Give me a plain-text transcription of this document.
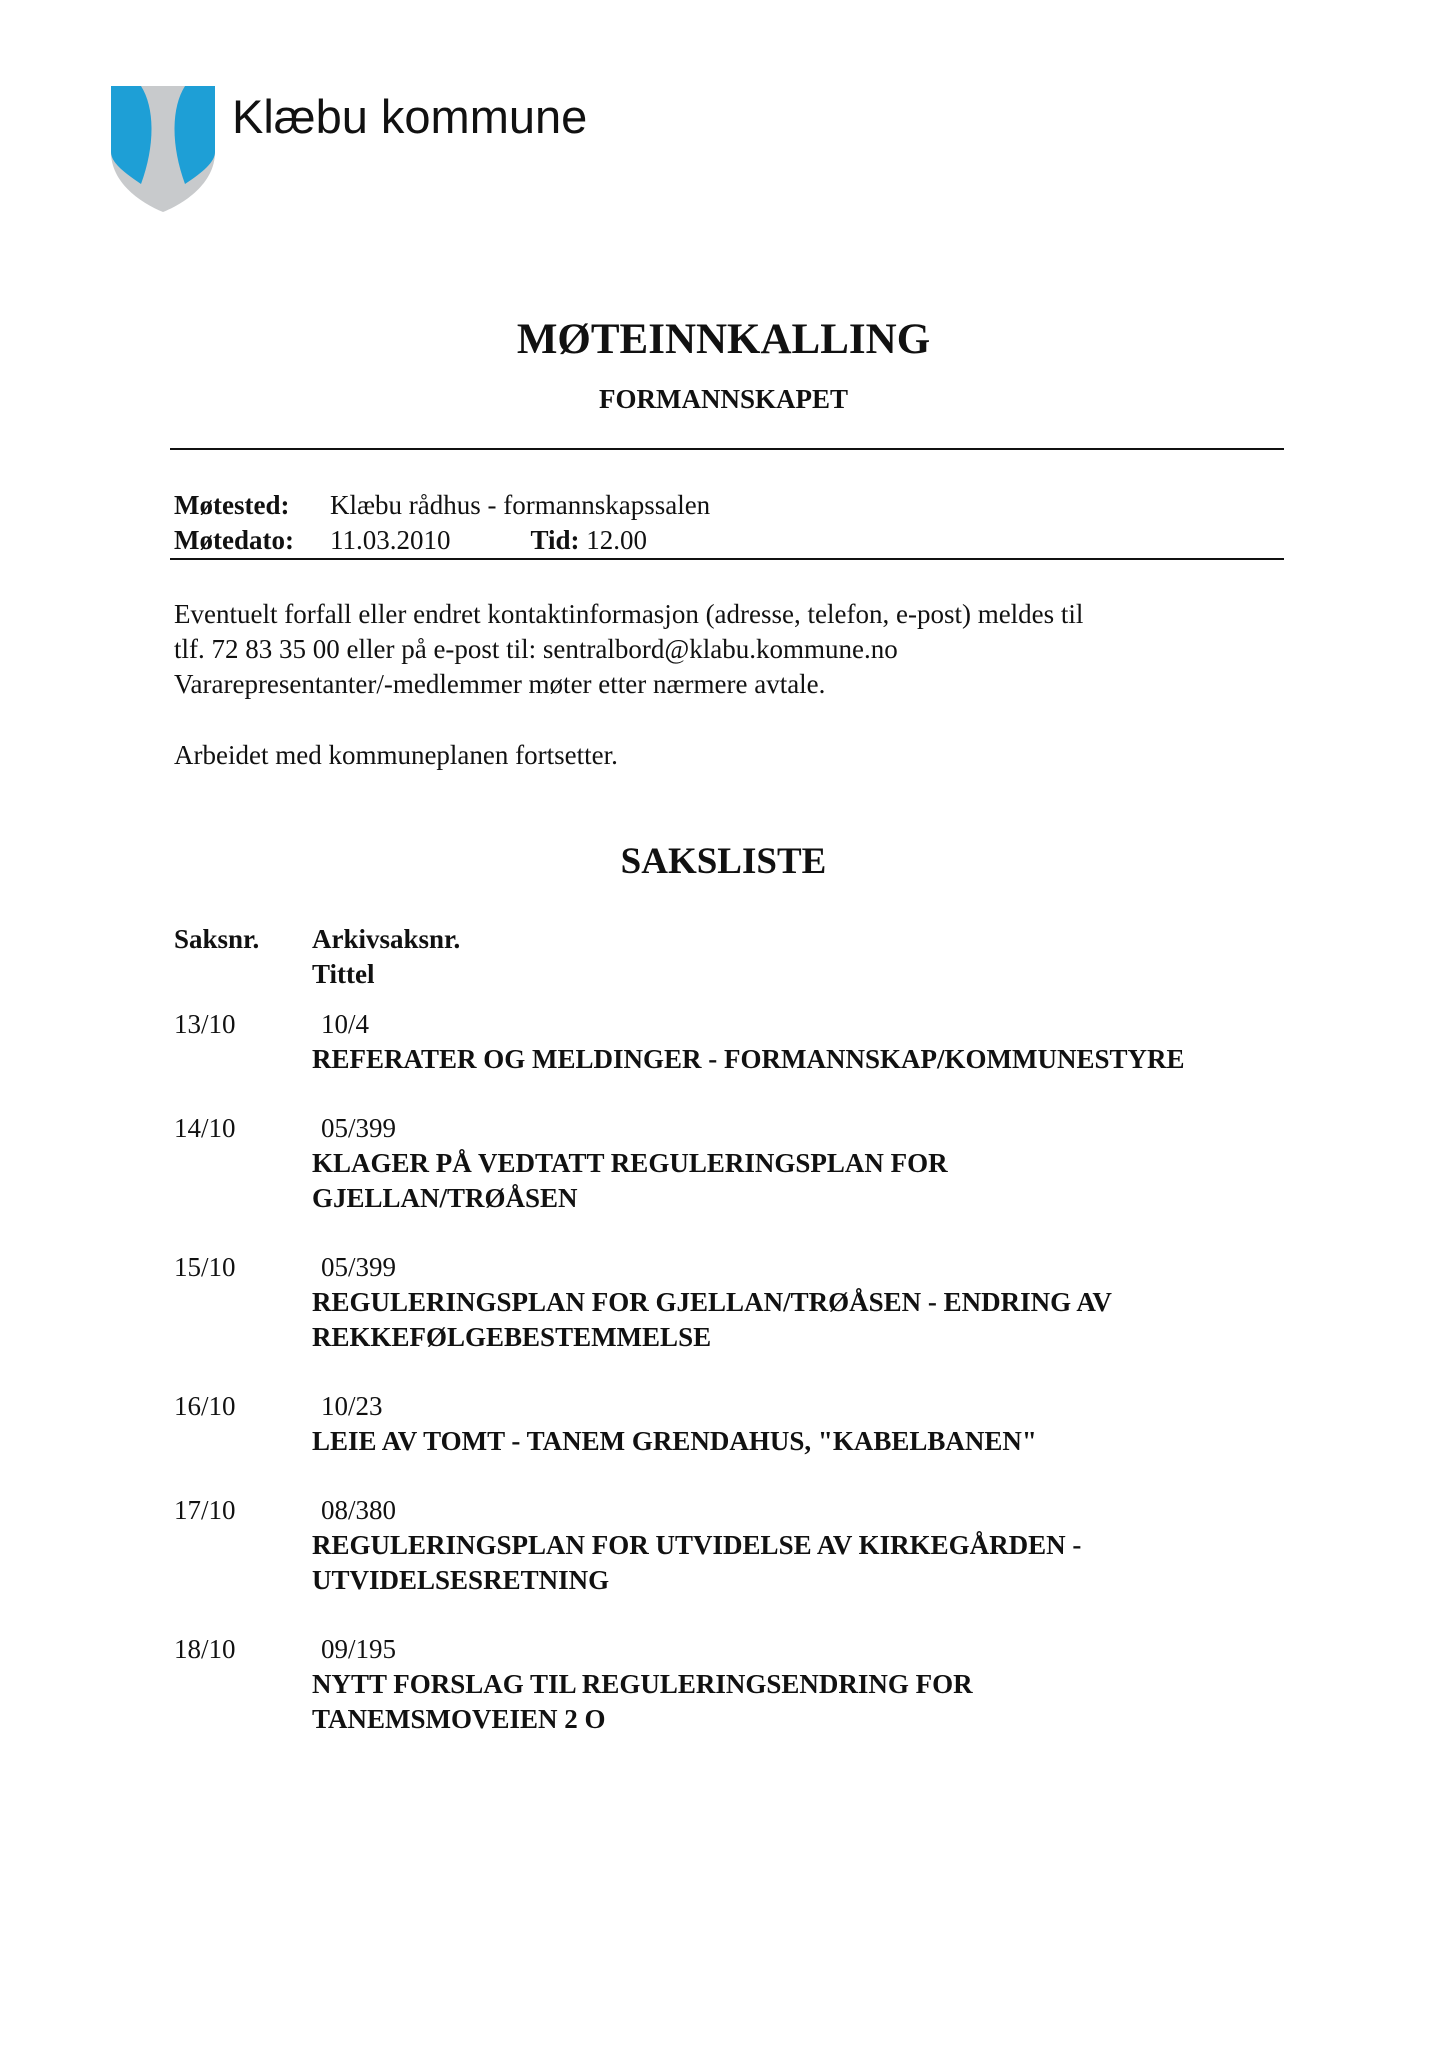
Klæbu kommune
MØTEINNKALLING
FORMANNSKAPET
Møtested: Klæbu rådhus - formannskapssalen
Møtedato: 11.03.2010	Tid: 12.00
Eventuelt forfall eller endret kontaktinformasjon (adresse, telefon, e-post) meldes til
tlf. 72 83 35 00 eller på e-post til: sentralbord@klabu.kommune.no
Vararepresentanter/-medlemmer møter etter nærmere avtale.
Arbeidet med kommuneplanen fortsetter.
SAKSLISTE
Saksnr. Arkivsaksnr.
Tittel
13/10	10/4
REFERATER OG MELDINGER - FORMANNSKAP/KOMMUNESTYRE
14/10	05/399
KLAGER PÅ VEDTATT REGULERINGSPLAN FOR GJELLAN/TRØÅSEN
15/10	05/399
REGULERINGSPLAN FOR GJELLAN/TRØÅSEN - ENDRING AV REKKEFØLGEBESTEMMELSE
16/10	10/23
LEIE AV TOMT - TANEM GRENDAHUS, "KABELBANEN"
17/10	08/380
REGULERINGSPLAN FOR UTVIDELSE AV KIRKEGÅRDEN - UTVIDELSESRETNING
18/10	09/195
NYTT FORSLAG TIL REGULERINGSENDRING FOR TANEMSMOVEIEN 2 O
